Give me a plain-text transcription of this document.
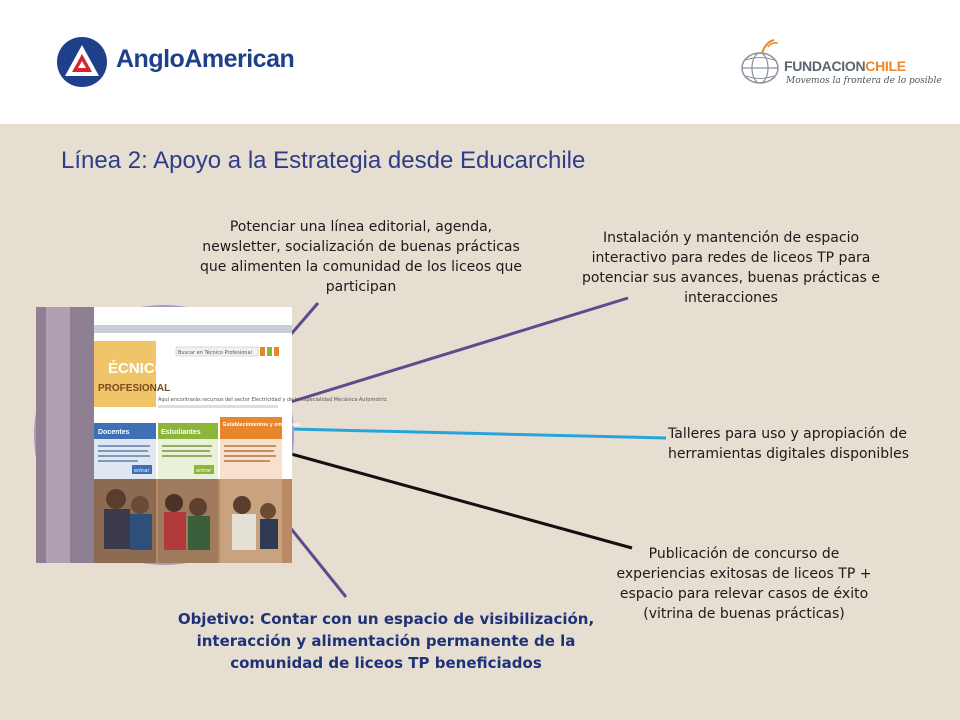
AngloAmerican	FUNDACIONCHILE
Movemos la frontera de lo posible
Línea 2: Apoyo a la Estrategia desde Educarchile
Buscar en Técnico Profesional
ÉCNICO
PROFESIONAL
Aquí encontrarás recursos del sector Electricidad y de la especialidad Mecánica Automotriz.
Docentes
entrar
Estudiantes
entrar
Establecimientos y empresas
Potenciar una línea editorial, agenda, newsletter, socialización de buenas prácticas que alimenten la comunidad de los liceos que participan
Instalación y mantención de espacio interactivo para redes de liceos TP para potenciar sus avances, buenas prácticas e interacciones
Talleres para uso y apropiación de herramientas digitales disponibles
Publicación de concurso de experiencias exitosas de liceos TP + espacio para relevar casos de éxito (vitrina de buenas prácticas)
Objetivo: Contar con un espacio de visibilización, interacción y alimentación permanente de la comunidad de liceos TP beneficiados
